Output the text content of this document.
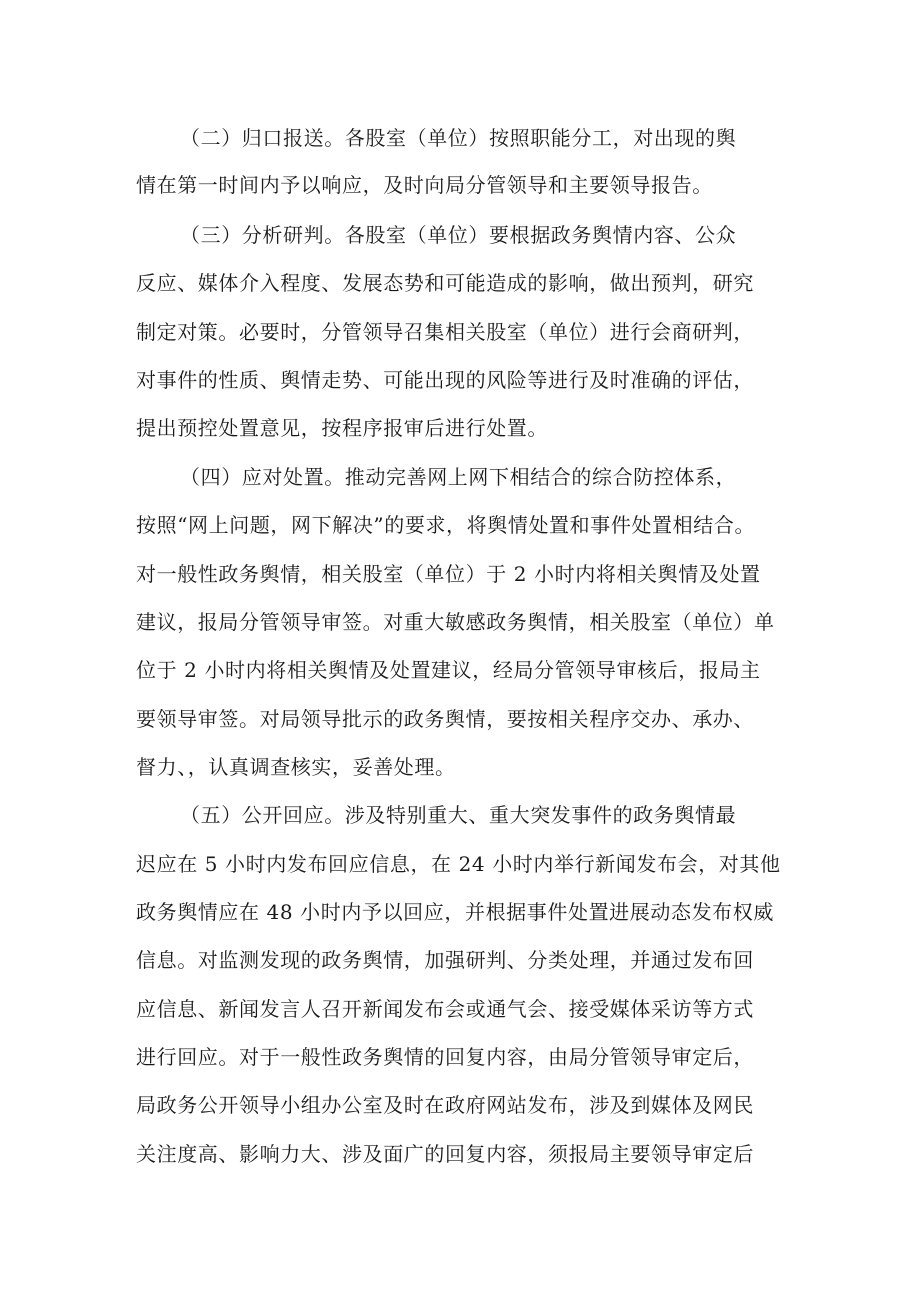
（二）归口报送。各股室（单位）按照职能分工，对出现的舆
情在第一时间内予以响应，及时向局分管领导和主要领导报告。
（三）分析研判。各股室（单位）要根据政务舆情内容、公众
反应、媒体介入程度、发展态势和可能造成的影响，做出预判，研究
制定对策。必要时，分管领导召集相关股室（单位）进行会商研判，
对事件的性质、舆情走势、可能出现的风险等进行及时准确的评估，
提出预控处置意见，按程序报审后进行处置。
（四）应对处置。推动完善网上网下相结合的综合防控体系，
按照“网上问题，网下解决”的要求，将舆情处置和事件处置相结合。
对一般性政务舆情，相关股室（单位）于 2 小时内将相关舆情及处置
建议，报局分管领导审签。对重大敏感政务舆情，相关股室（单位）单
位于 2 小时内将相关舆情及处置建议，经局分管领导审核后，报局主
要领导审签。对局领导批示的政务舆情，要按相关程序交办、承办、
督力、，认真调查核实，妥善处理。
（五）公开回应。涉及特别重大、重大突发事件的政务舆情最
迟应在 5 小时内发布回应信息，在 24 小时内举行新闻发布会，对其他
政务舆情应在 48 小时内予以回应，并根据事件处置进展动态发布权威
信息。对监测发现的政务舆情，加强研判、分类处理，并通过发布回
应信息、新闻发言人召开新闻发布会或通气会、接受媒体采访等方式
进行回应。对于一般性政务舆情的回复内容，由局分管领导审定后，
局政务公开领导小组办公室及时在政府网站发布，涉及到媒体及网民
关注度高、影响力大、涉及面广的回复内容，须报局主要领导审定后
